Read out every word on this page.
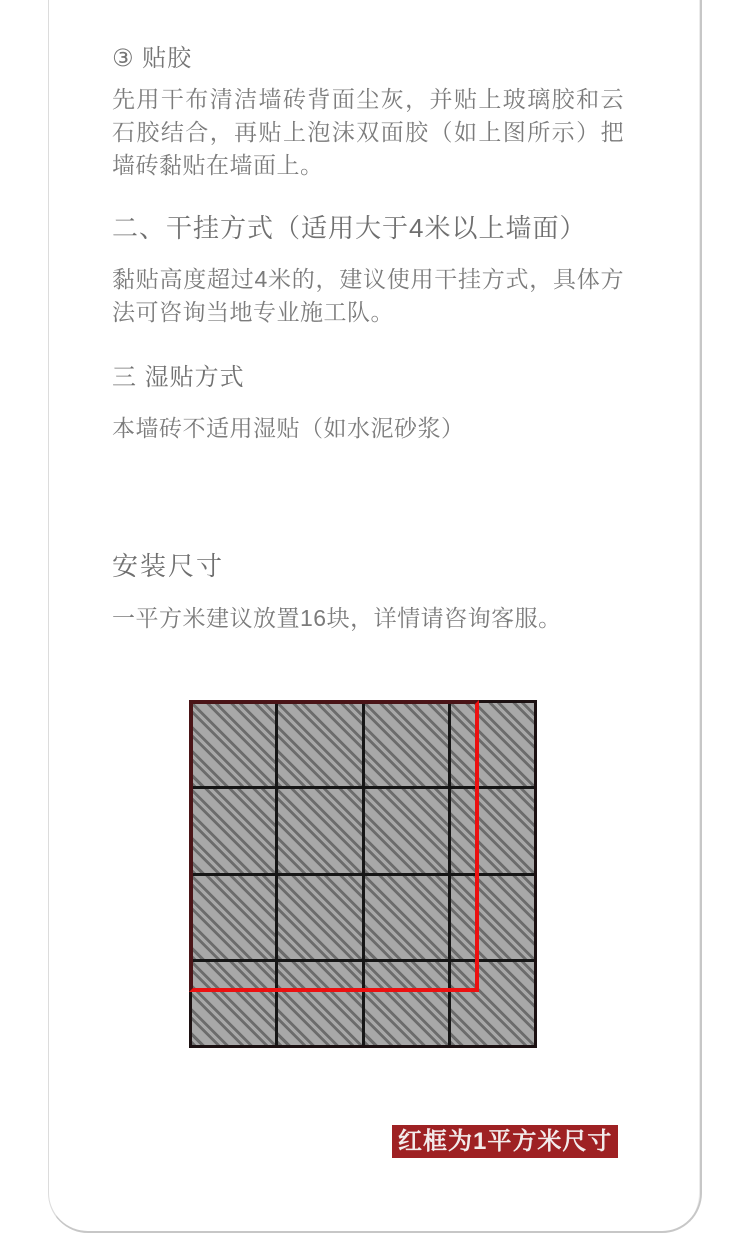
③ 贴胶

先用干布清洁墙砖背面尘灰，并贴上玻璃胶和云石胶结合，再贴上泡沫双面胶（如上图所示）把墙砖黏贴在墙面上。

二、干挂方式（适用大于4米以上墙面）

黏贴高度超过4米的，建议使用干挂方式，具体方法可咨询当地专业施工队。

三 湿贴方式

本墙砖不适用湿贴（如水泥砂浆）

安装尺寸

一平方米建议放置16块，详情请咨询客服。

红框为1平方米尺寸
